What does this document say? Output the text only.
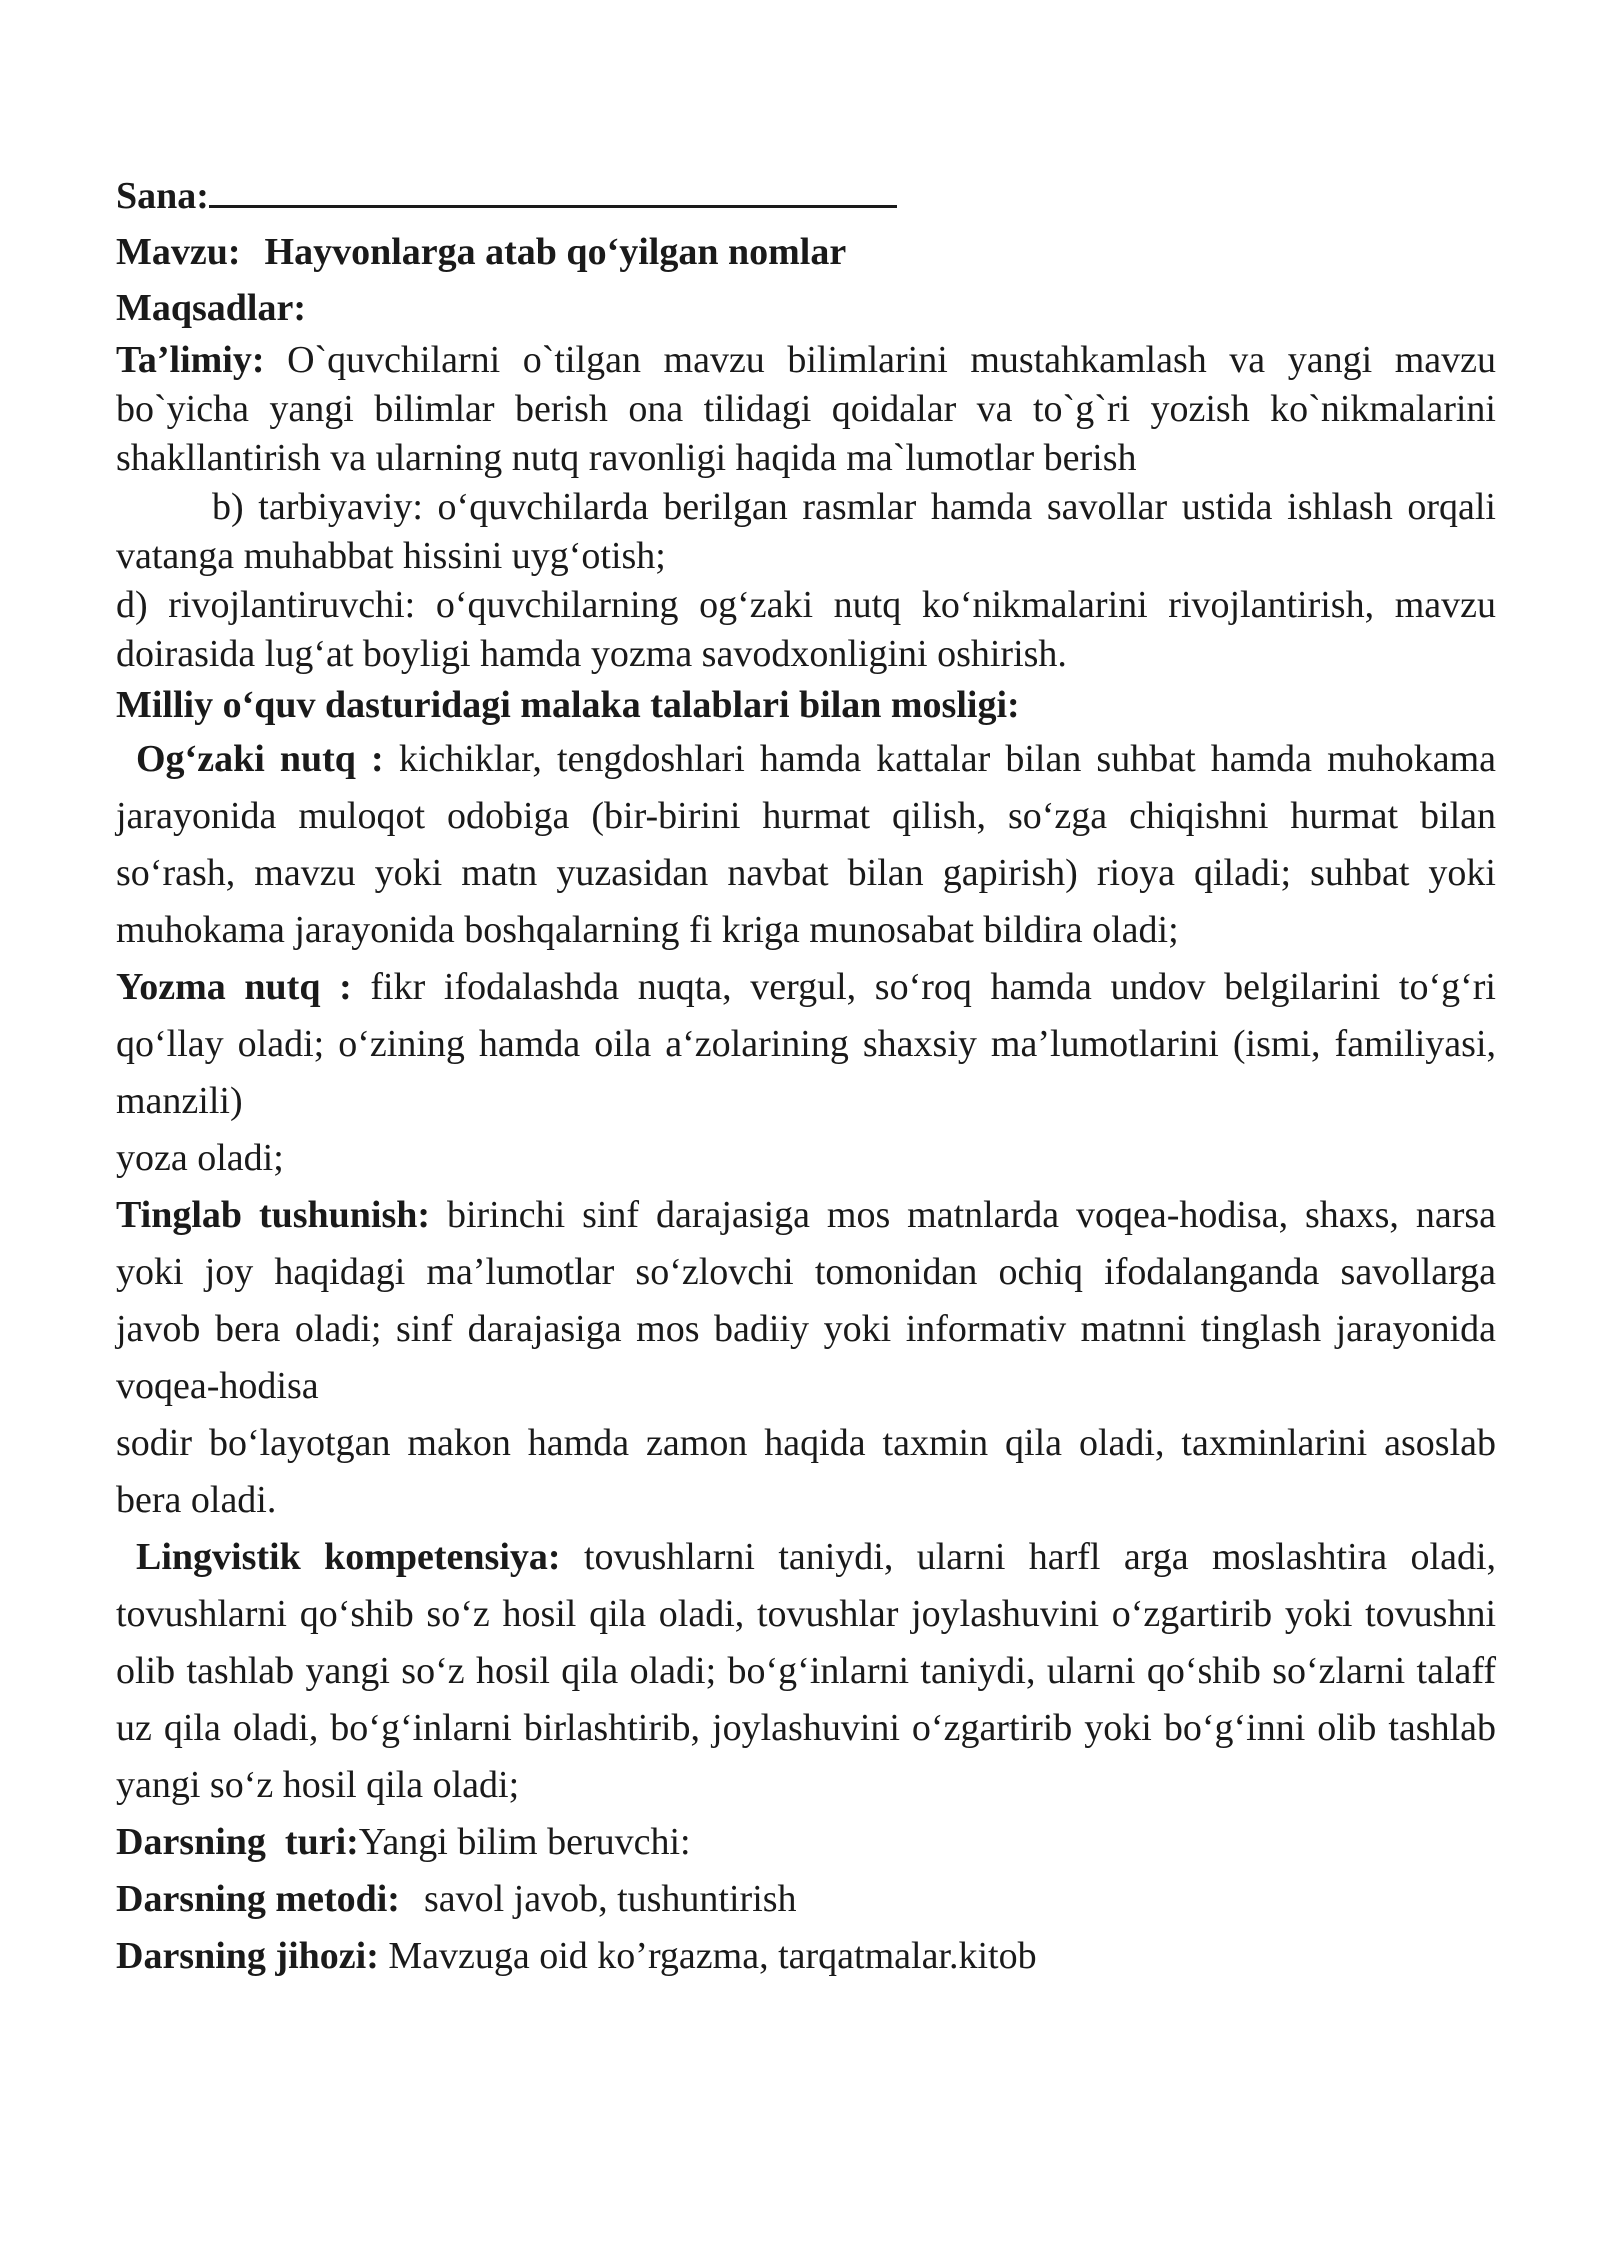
Sana:

Mavzu: Hayvonlarga atab qo‘yilgan nomlar

Maqsadlar:

Ta’limiy: O`quvchilarni o`tilgan mavzu bilimlarini mustahkamlash va yangi mavzu bo`yicha yangi bilimlar berish ona tilidagi qoidalar va to`g`ri yozish ko`nikmalarini shakllantirish va ularning nutq ravonligi haqida ma`lumotlar berish

b) tarbiyaviy: o‘quvchilarda berilgan rasmlar hamda savollar ustida ishlash orqali vatanga muhabbat hissini uyg‘otish;

d) rivojlantiruvchi: o‘quvchilarning og‘zaki nutq ko‘nikmalarini rivojlantirish, mavzu doirasida lug‘at boyligi hamda yozma savodxonligini oshirish.

Milliy o‘quv dasturidagi malaka talablari bilan mosligi:

Og‘zaki nutq : kichiklar, tengdoshlari hamda kattalar bilan suhbat hamda muhokama jarayonida muloqot odobiga (bir-birini hurmat qilish, so‘zga chiqishni hurmat bilan so‘rash, mavzu yoki matn yuzasidan navbat bilan gapirish) rioya qiladi; suhbat yoki muhokama jarayonida boshqalarning fi kriga munosabat bildira oladi;

Yozma nutq : fikr ifodalashda nuqta, vergul, so‘roq hamda undov belgilarini to‘g‘ri qo‘llay oladi; o‘zining hamda oila a‘zolarining shaxsiy ma’lumotlarini (ismi, familiyasi, manzili)

yoza oladi;

Tinglab tushunish: birinchi sinf darajasiga mos matnlarda voqea-hodisa, shaxs, narsa yoki joy haqidagi ma’lumotlar so‘zlovchi tomonidan ochiq ifodalanganda savollarga javob bera oladi; sinf darajasiga mos badiiy yoki informativ matnni tinglash jarayonida voqea-hodisa

sodir bo‘layotgan makon hamda zamon haqida taxmin qila oladi, taxminlarini asoslab bera oladi.

Lingvistik kompetensiya: tovushlarni taniydi, ularni harfl arga moslashtira oladi, tovushlarni qo‘shib so‘z hosil qila oladi, tovushlar joylashuvini o‘zgartirib yoki tovushni olib tashlab yangi so‘z hosil qila oladi; bo‘g‘inlarni taniydi, ularni qo‘shib so‘zlarni talaff uz qila oladi, bo‘g‘inlarni birlashtirib, joylashuvini o‘zgartirib yoki bo‘g‘inni olib tashlab yangi so‘z hosil qila oladi;

Darsning  turi:Yangi bilim beruvchi:

Darsning metodi: savol javob, tushuntirish

Darsning jihozi: Mavzuga oid ko’rgazma, tarqatmalar.kitob
